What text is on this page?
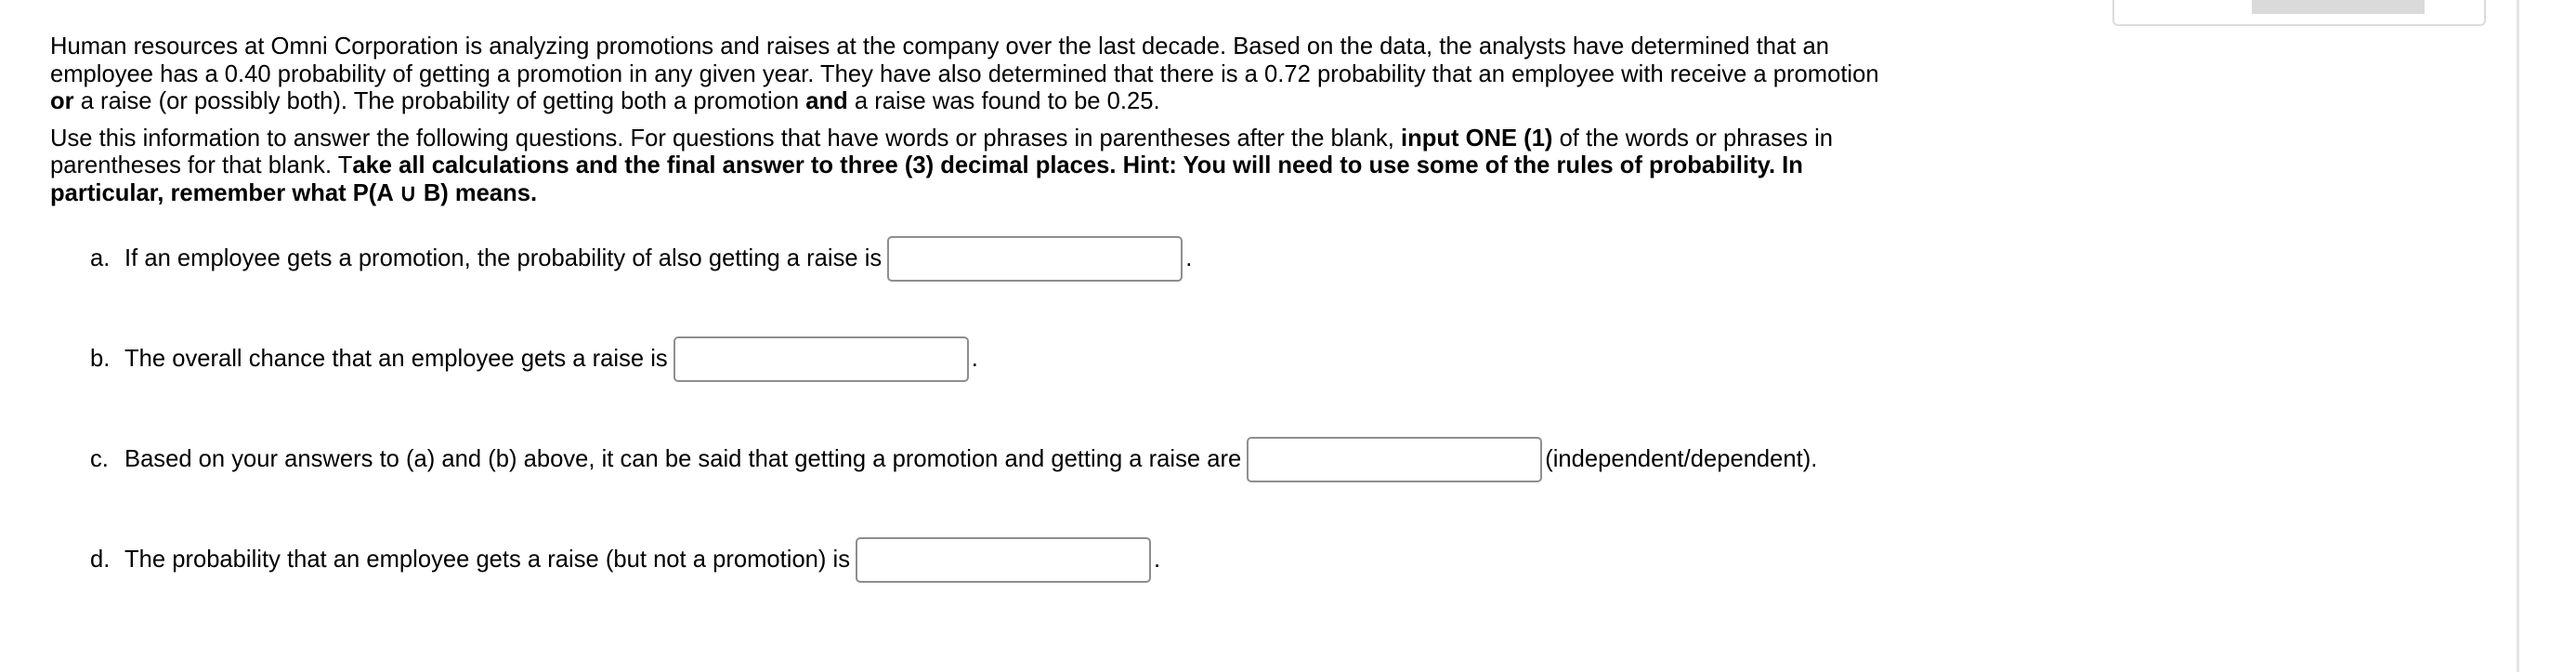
Human resources at Omni Corporation is analyzing promotions and raises at the company over the last decade. Based on the data, the analysts have determined that an employee has a 0.40 probability of getting a promotion in any given year. They have also determined that there is a 0.72 probability that an employee with receive a promotion or a raise (or possibly both). The probability of getting both a promotion and a raise was found to be 0.25.

Use this information to answer the following questions. For questions that have words or phrases in parentheses after the blank, input ONE (1) of the words or phrases in parentheses for that blank. Take all calculations and the final answer to three (3) decimal places. Hint: You will need to use some of the rules of probability. In particular, remember what P(A ∪ B) means.

a. If an employee gets a promotion, the probability of also getting a raise is	.
b. The overall chance that an employee gets a raise is	.
c. Based on your answers to (a) and (b) above, it can be said that getting a promotion and getting a raise are	(independent/dependent).
d. The probability that an employee gets a raise (but not a promotion) is	.
